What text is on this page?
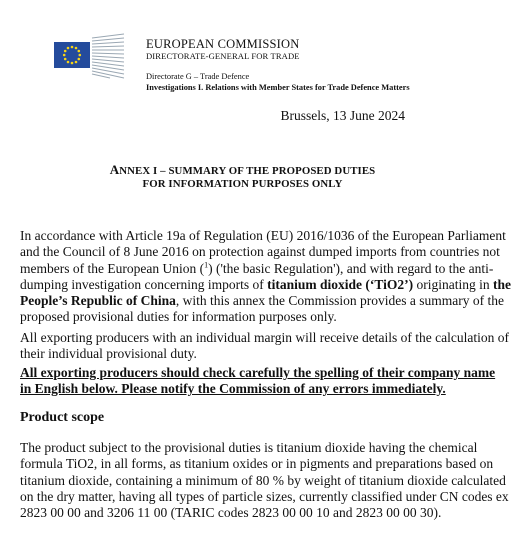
EUROPEAN COMMISSION
DIRECTORATE-GENERAL FOR TRADE
Directorate G – Trade Defence
Investigations I. Relations with Member States for Trade Defence Matters
Brussels, 13 June 2024
ANNEX I – SUMMARY OF THE PROPOSED DUTIES
FOR INFORMATION PURPOSES ONLY
In accordance with Article 19a of Regulation (EU) 2016/1036 of the European Parliament
and the Council of 8 June 2016 on protection against dumped imports from countries not
members of the European Union ($^1$) ('the basic Regulation'), and with regard to the anti-
dumping investigation concerning imports of titanium dioxide (‘TiO2’) originating in the
People’s Republic of China, with this annex the Commission provides a summary of the
proposed provisional duties for information purposes only.
All exporting producers with an individual margin will receive details of the calculation of
their individual provisional duty.
All exporting producers should check carefully the spelling of their company name
in English below. Please notify the Commission of any errors immediately.
Product scope
The product subject to the provisional duties is titanium dioxide having the chemical
formula TiO2, in all forms, as titanium oxides or in pigments and preparations based on
titanium dioxide, containing a minimum of 80 % by weight of titanium dioxide calculated
on the dry matter, having all types of particle sizes, currently classified under CN codes ex
2823 00 00 and 3206 11 00 (TARIC codes 2823 00 00 10 and 2823 00 00 30).
